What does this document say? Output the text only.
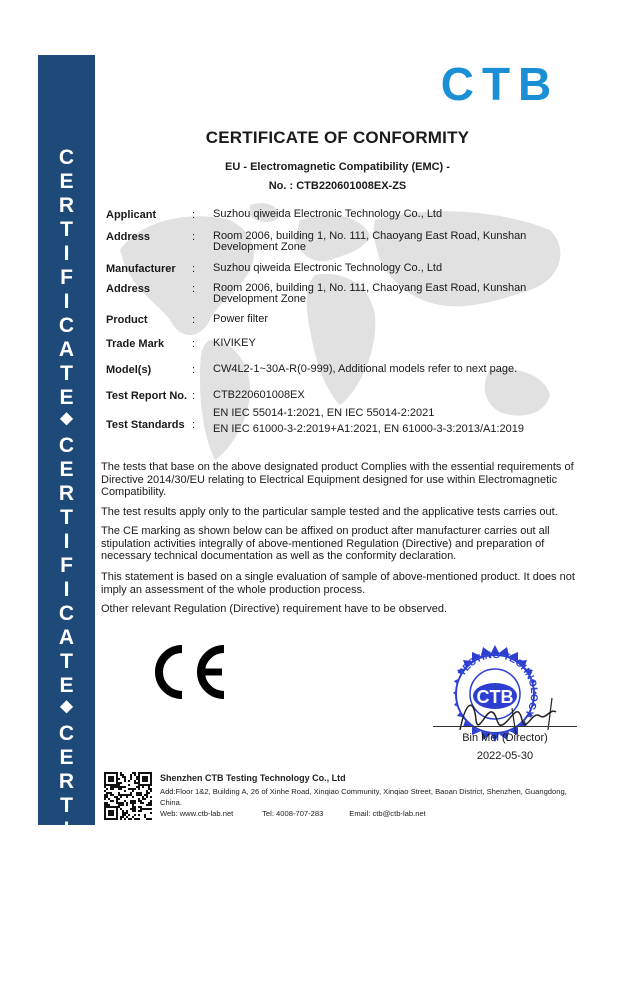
C
E
R
T
I
F
I
C
A
T
E
◆
C
E
R
T
I
F
I
C
A
T
E
◆
C
E
R
T
I
F
I
C
A
T
E
CTB
CERTIFICATE OF CONFORMITY
EU - Electromagnetic Compatibility (EMC) -
No. : CTB220601008EX-ZS
Applicant	: Suzhou qiweida Electronic Technology Co., Ltd
Address	: Room 2006, building 1, No. 111, Chaoyang East Road, Kunshan Development Zone
Manufacturer : Suzhou qiweida Electronic Technology Co., Ltd
Address	: Room 2006, building 1, No. 111, Chaoyang East Road, Kunshan Development Zone
Product	: Power filter
Trade Mark	: KIVIKEY
Model(s)	: CW4L2-1~30A-R(0-999), Additional models refer to next page.
Test Report No. : CTB220601008EX
Test Standards :
EN IEC 55014-1:2021, EN IEC 55014-2:2021
EN IEC 61000-3-2:2019+A1:2021, EN 61000-3-3:2013/A1:2019
The tests that base on the above designated product Complies with the essential requirements of Directive 2014/30/EU relating to Electrical Equipment designed for use within Electromagnetic Compatibility.
The test results apply only to the particular sample tested and the applicative tests carries out.
The CE marking as shown below can be affixed on product after manufacturer carries out all stipulation activities integrally of above-mentioned Regulation (Directive) and preparation of necessary technical documentation as well as the conformity declaration.
This statement is based on a single evaluation of sample of above-mentioned product. It does not imply an assessment of the whole production process.
Other relevant Regulation (Directive) requirement have to be observed.
TESTING TECHNOLOGY
CTB
Bin Mei (Director)
2022-05-30
Shenzhen CTB Testing Technology Co., Ltd
Add:Floor 1&2, Building A, 26 of Xinhe Road, Xinqiao Community, Xinqiao Street, Baoan District, Shenzhen, Guangdong, China.
Web: www.ctb-lab.net	Tel: 4008-707-283	Email: ctb@ctb-lab.net
